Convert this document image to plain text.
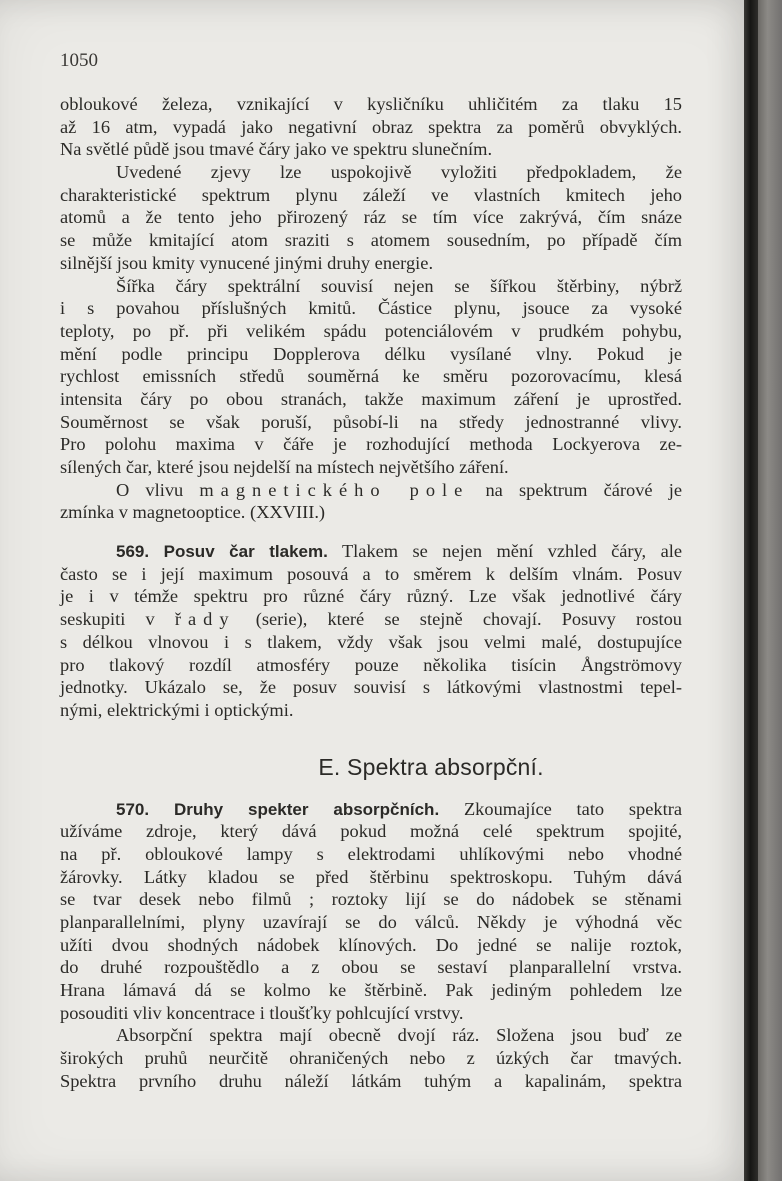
1050
obloukové železa, vznikající v kysličníku uhličitém za tlaku 15
až 16 atm, vypadá jako negativní obraz spektra za poměrů obvyklých.
Na světlé půdě jsou tmavé čáry jako ve spektru slunečním.
Uvedené zjevy lze uspokojivě vyložiti předpokladem, že
charakteristické spektrum plynu záleží ve vlastních kmitech jeho
atomů a že tento jeho přirozený ráz se tím více zakrývá, čím snáze
se může kmitající atom sraziti s atomem sousedním, po případě čím
silnější jsou kmity vynucené jinými druhy energie.
Šířka čáry spektrální souvisí nejen se šířkou štěrbiny, nýbrž
i s povahou příslušných kmitů. Částice plynu, jsouce za vysoké
teploty, po př. při velikém spádu potenciálovém v prudkém pohybu,
mění podle principu Dopplerova délku vysílané vlny. Pokud je
rychlost emissních středů souměrná ke směru pozorovacímu, klesá
intensita čáry po obou stranách, takže maximum záření je uprostřed.
Souměrnost se však poruší, působí-li na středy jednostranné vlivy.
Pro polohu maxima v čáře je rozhodující methoda Lockyerova ze-
sílených čar, které jsou nejdelší na místech největšího záření.
O vlivu magnetického pole na spektrum čárové je
zmínka v magnetooptice. (XXVIII.)
569. Posuv čar tlakem. Tlakem se nejen mění vzhled čáry, ale
často se i její maximum posouvá a to směrem k delším vlnám. Posuv
je i v témže spektru pro různé čáry různý. Lze však jednotlivé čáry
seskupiti v řady (serie), které se stejně chovají. Posuvy rostou
s délkou vlnovou i s tlakem, vždy však jsou velmi malé, dostupujíce
pro tlakový rozdíl atmosféry pouze několika tisícin Ångströmovy
jednotky. Ukázalo se, že posuv souvisí s látkovými vlastnostmi tepel-
nými, elektrickými i optickými.
E. Spektra absorpční.
570. Druhy spekter absorpčních. Zkoumajíce tato spektra
užíváme zdroje, který dává pokud možná celé spektrum spojité,
na př. obloukové lampy s elektrodami uhlíkovými nebo vhodné
žárovky. Látky kladou se před štěrbinu spektroskopu. Tuhým dává
se tvar desek nebo filmů ; roztoky lijí se do nádobek se stěnami
planparallelními, plyny uzavírají se do válců. Někdy je výhodná věc
užíti dvou shodných nádobek klínových. Do jedné se nalije roztok,
do druhé rozpouštědlo a z obou se sestaví planparallelní vrstva.
Hrana lámavá dá se kolmo ke štěrbině. Pak jediným pohledem lze
posouditi vliv koncentrace i tloušťky pohlcující vrstvy.
Absorpční spektra mají obecně dvojí ráz. Složena jsou buď ze
širokých pruhů neurčitě ohraničených nebo z úzkých čar tmavých.
Spektra prvního druhu náleží látkám tuhým a kapalinám, spektra
